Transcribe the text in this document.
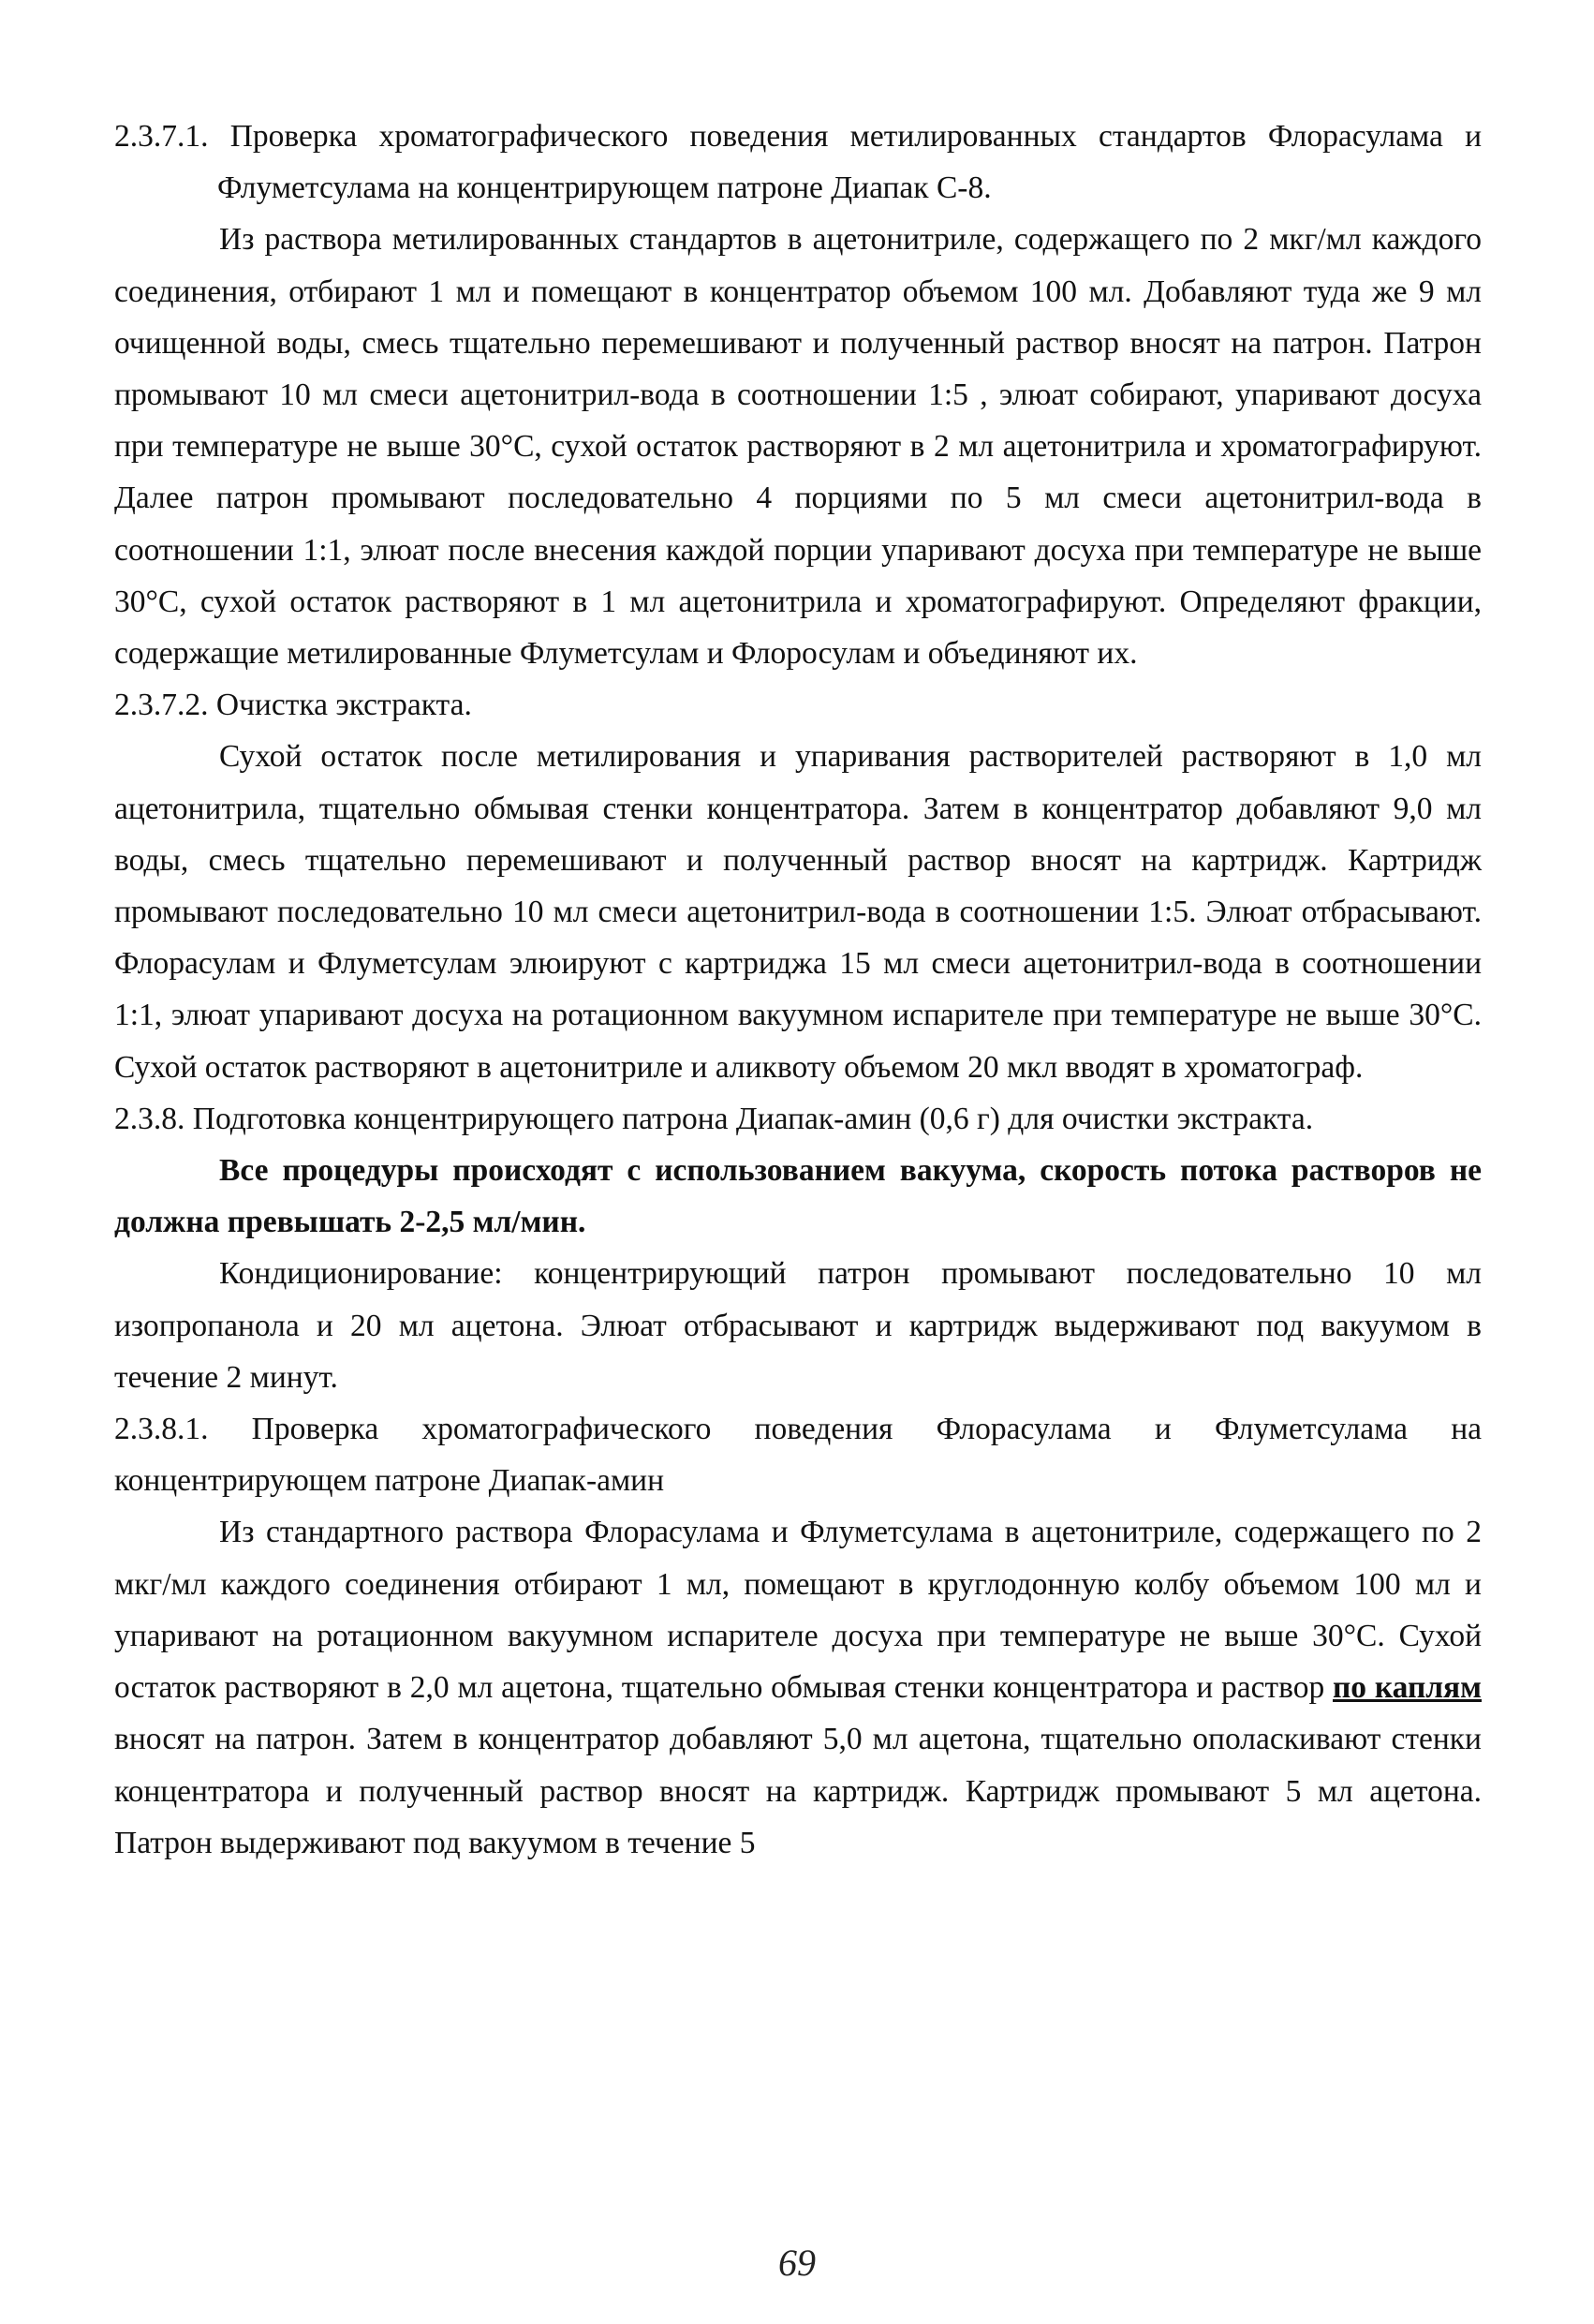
2.3.7.1. Проверка хроматографического поведения метилированных стандартов Флорасулама и Флуметсулама на концентрирующем патроне Диапак С-8.

Из раствора метилированных стандартов в ацетонитриле, содержащего по 2 мкг/мл каждого соединения, отбирают 1 мл и помещают в концентратор объемом 100 мл. Добавляют туда же 9 мл очищенной воды, смесь тщательно перемешивают и полученный раствор вносят на патрон. Патрон промывают 10 мл смеси ацетонитрил-вода в соотношении 1:5 , элюат собирают, упаривают досуха при температуре не выше 30°С, сухой остаток растворяют в 2 мл ацетонитрила и хроматографируют. Далее патрон промывают последовательно 4 порциями по 5 мл смеси ацетонитрил-вода в соотношении 1:1, элюат после внесения каждой порции упаривают досуха при температуре не выше 30°С, сухой остаток растворяют в 1 мл ацетонитрила и хроматографируют. Определяют фракции, содержащие метилированные Флуметсулам и Флоросулам и объединяют их.

2.3.7.2. Очистка экстракта.

Сухой остаток после метилирования и упаривания растворителей растворяют в 1,0 мл ацетонитрила, тщательно обмывая стенки концентратора. Затем в концентратор добавляют 9,0 мл воды, смесь тщательно перемешивают и полученный раствор вносят на картридж. Картридж промывают последовательно 10 мл смеси ацетонитрил-вода в соотношении 1:5. Элюат отбрасывают. Флорасулам и Флуметсулам элюируют с картриджа 15 мл смеси ацетонитрил-вода в соотношении 1:1, элюат упаривают досуха на ротационном вакуумном испарителе при температуре не выше 30°С. Сухой остаток растворяют в ацетонитриле и аликвоту объемом 20 мкл вводят в хроматограф.

2.3.8. Подготовка концентрирующего патрона Диапак-амин (0,6 г) для очистки экстракта.

Все процедуры происходят с использованием вакуума, скорость потока растворов не должна превышать 2-2,5 мл/мин.

Кондиционирование: концентрирующий патрон промывают последовательно 10 мл изопропанола и 20 мл ацетона. Элюат отбрасывают и картридж выдерживают под вакуумом в течение 2 минут.

2.3.8.1. Проверка хроматографического поведения Флорасулама и Флуметсулама на концентрирующем патроне Диапак-амин

Из стандартного раствора Флорасулама и Флуметсулама в ацетонитриле, содержащего по 2 мкг/мл каждого соединения отбирают 1 мл, помещают в круглодонную колбу объемом 100 мл и упаривают на ротационном вакуумном испарителе досуха при температуре не выше 30°С. Сухой остаток растворяют в 2,0 мл ацетона, тщательно обмывая стенки концентратора и раствор по каплям вносят на патрон. Затем в концентратор добавляют 5,0 мл ацетона, тщательно ополаскивают стенки концентратора и полученный раствор вносят на картридж. Картридж промывают 5 мл ацетона. Патрон выдерживают под вакуумом в течение 5

69
